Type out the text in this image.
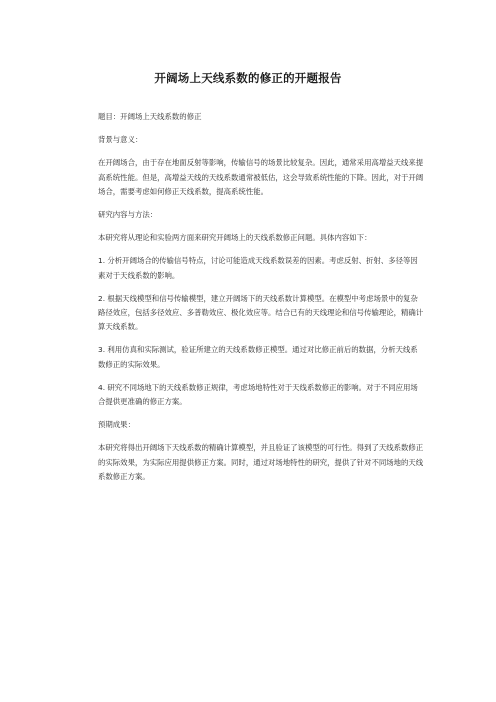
开阔场上天线系数的修正的开题报告

题目：开阔场上天线系数的修正

背景与意义：

在开阔场合，由于存在地面反射等影响，传输信号的场景比较复杂。因此，通常采用高增益天线来提高系统性能。但是，高增益天线的天线系数通常被低估，这会导致系统性能的下降。因此，对于开阔场合，需要考虑如何修正天线系数，提高系统性能。

研究内容与方法：

本研究将从理论和实验两方面来研究开阔场上的天线系数修正问题。具体内容如下：

1. 分析开阔场合的传输信号特点，讨论可能造成天线系数误差的因素。考虑反射、折射、多径等因素对于天线系数的影响。

2. 根据天线模型和信号传输模型，建立开阔场下的天线系数计算模型。在模型中考虑场景中的复杂路径效应，包括多径效应、多普勒效应、极化效应等。结合已有的天线理论和信号传输理论，精确计算天线系数。

3. 利用仿真和实际测试，验证所建立的天线系数修正模型。通过对比修正前后的数据，分析天线系数修正的实际效果。

4. 研究不同场地下的天线系数修正规律，考虑场地特性对于天线系数修正的影响。对于不同应用场合提供更准确的修正方案。

预期成果：

本研究将得出开阔场下天线系数的精确计算模型，并且验证了该模型的可行性。得到了天线系数修正的实际效果，为实际应用提供修正方案。同时，通过对场地特性的研究，提供了针对不同场地的天线系数修正方案。
